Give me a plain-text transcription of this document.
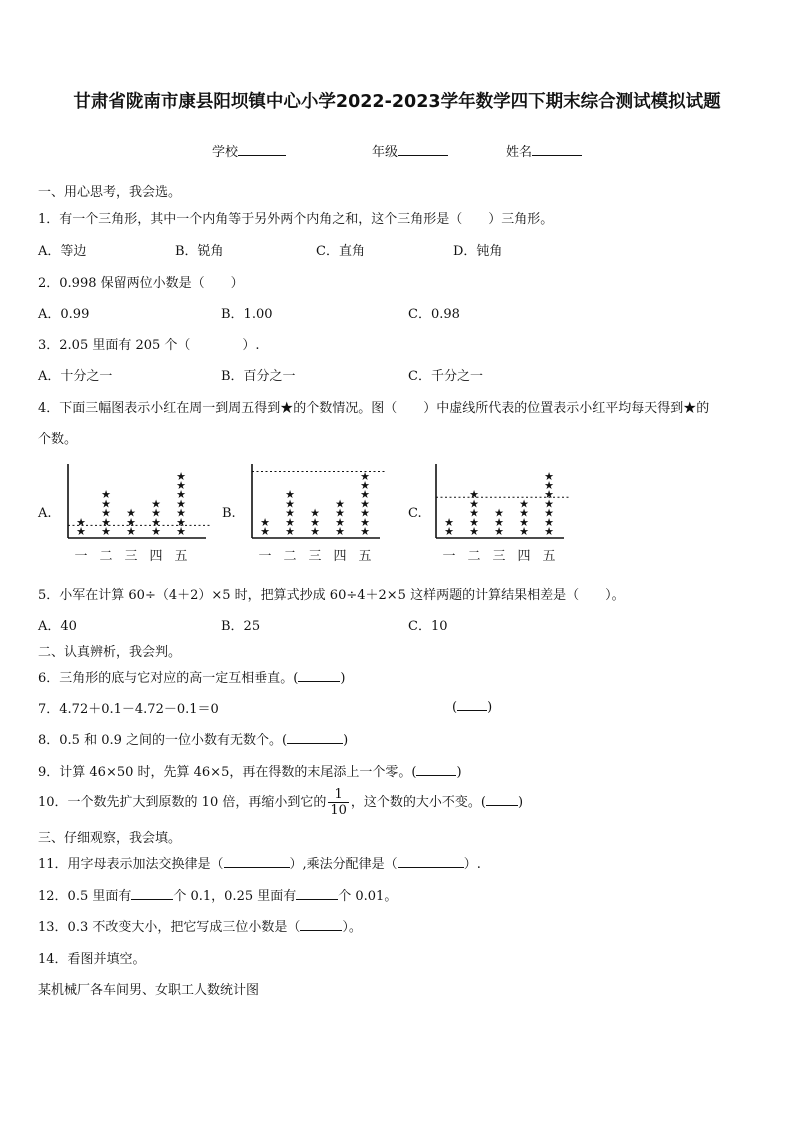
甘肃省陇南市康县阳坝镇中心小学2022-2023学年数学四下期末综合测试模拟试题
学校	年级	姓名
一、用心思考，我会选。
1．有一个三角形，其中一个内角等于另外两个内角之和，这个三角形是（　　）三角形。
A．等边	B．锐角	C．直角	D．钝角
2．0.998 保留两位小数是（　　）
A．0.99	B．1.00	C．0.98
3．2.05 里面有 205 个（　　　　）.
A．十分之一	B．百分之一	C．千分之一
4．下面三幅图表示小红在周一到周五得到★的个数情况。图（　　）中虚线所代表的位置表示小红平均每天得到★的
个数。
A.	B.	C.
★
★
一
★
★
★
★
★
二
★
★
★
三
★
★
★
★
四
★
★
★
★
★
★
★
五
★
★
一
★
★
★
★
★
二
★
★
★
三
★
★
★
★
四
★
★
★
★
★
★
★
五
★
★
一
★
★
★
★
★
二
★
★
★
三
★
★
★
★
四
★
★
★
★
★
★
★
五
5．小军在计算 60÷（4＋2）×5 时，把算式抄成 60÷4＋2×5 这样两题的计算结果相差是（　　）。
A．40	B．25	C．10
二、认真辨析，我会判。
6．三角形的底与它对应的高一定互相垂直。(	)
7．4.72＋0.1－4.72－0.1＝0	( )
8．0.5 和 0.9 之间的一位小数有无数个。(	)
9．计算 46×50 时，先算 46×5，再在得数的末尾添上一个零。(	)
10．一个数先扩大到原数的 10 倍，再缩小到它的 $\frac{1}{10}$ ，这个数的大小不变。( )
三、仔细观察，我会填。
11．用字母表示加法交换律是（	）,乘法分配律是（	）.
12．0.5 里面有	个 0.1，0.25 里面有	个 0.01。
13．0.3 不改变大小，把它写成三位小数是（	）。
14．看图并填空。
某机械厂各车间男、女职工人数统计图
